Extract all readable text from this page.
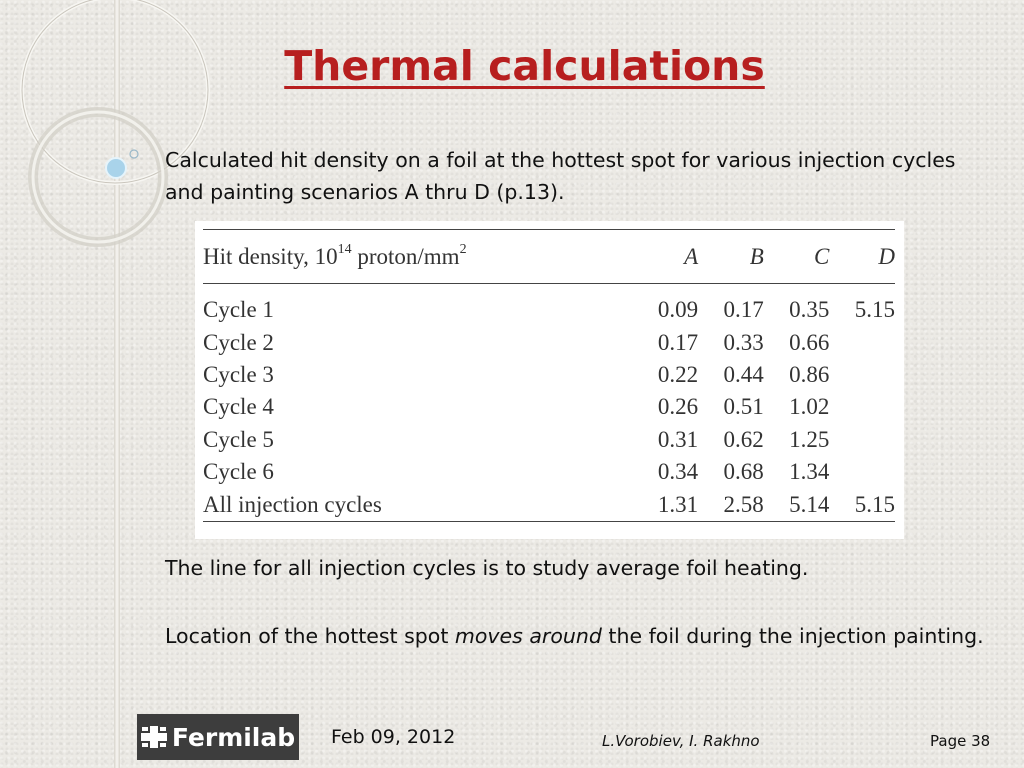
Thermal calculations

Calculated hit density on a foil at the hottest spot for various injection cycles and painting scenarios A thru D (p.13).

Hit density, $10^{14}$ proton/$mm^2$	A	B	C	D
Cycle 1	0.09	0.17	0.35	5.15
Cycle 2	0.17	0.33	0.66	
Cycle 3	0.22	0.44	0.86	
Cycle 4	0.26	0.51	1.02	
Cycle 5	0.31	0.62	1.25	
Cycle 6	0.34	0.68	1.34	
All injection cycles	1.31	2.58	5.14	5.15

The line for all injection cycles is to study average foil heating.

Location of the hottest spot moves around the foil during the injection painting.

Fermilab Feb 09, 2012	L.Vorobiev, I. Rakhno	Page 38
